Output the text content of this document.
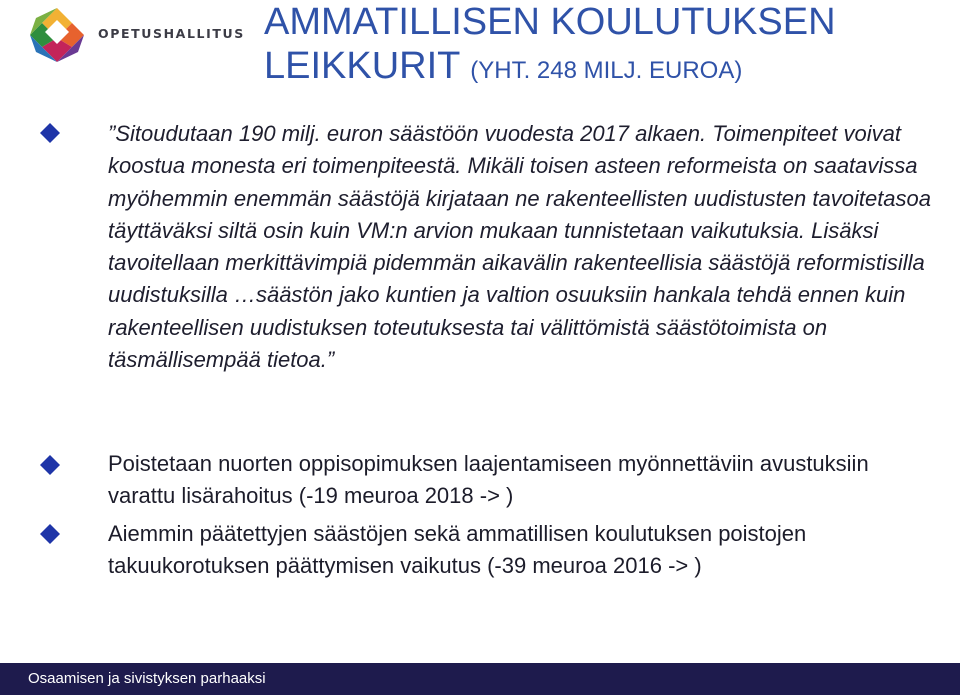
OPETUSHALLITUS AMMATILLISEN KOULUTUKSEN
LEIKKURIT (YHT. 248 MILJ. EUROA)
”Sitoudutaan 190 milj. euron säästöön vuodesta 2017 alkaen. Toimenpiteet voivat koostua monesta eri toimenpiteestä. Mikäli toisen asteen reformeista on saatavissa myöhemmin enemmän säästöjä kirjataan ne rakenteellisten uudistusten tavoitetasoa täyttäväksi siltä osin kuin VM:n arvion mukaan tunnistetaan vaikutuksia. Lisäksi tavoitellaan merkittävimpiä pidemmän aikavälin rakenteellisia säästöjä reformistisilla uudistuksilla …säästön jako kuntien ja valtion osuuksiin hankala tehdä ennen kuin rakenteellisen uudistuksen toteutuksesta tai välittömistä säästötoimista on täsmällisempää tietoa.”
Poistetaan nuorten oppisopimuksen laajentamiseen myönnettäviin avustuksiin varattu lisärahoitus (-19 meuroa 2018 -> )
Aiemmin päätettyjen säästöjen sekä ammatillisen koulutuksen poistojen takuukorotuksen päättymisen vaikutus (-39 meuroa 2016 -> )
Osaamisen ja sivistyksen parhaaksi
